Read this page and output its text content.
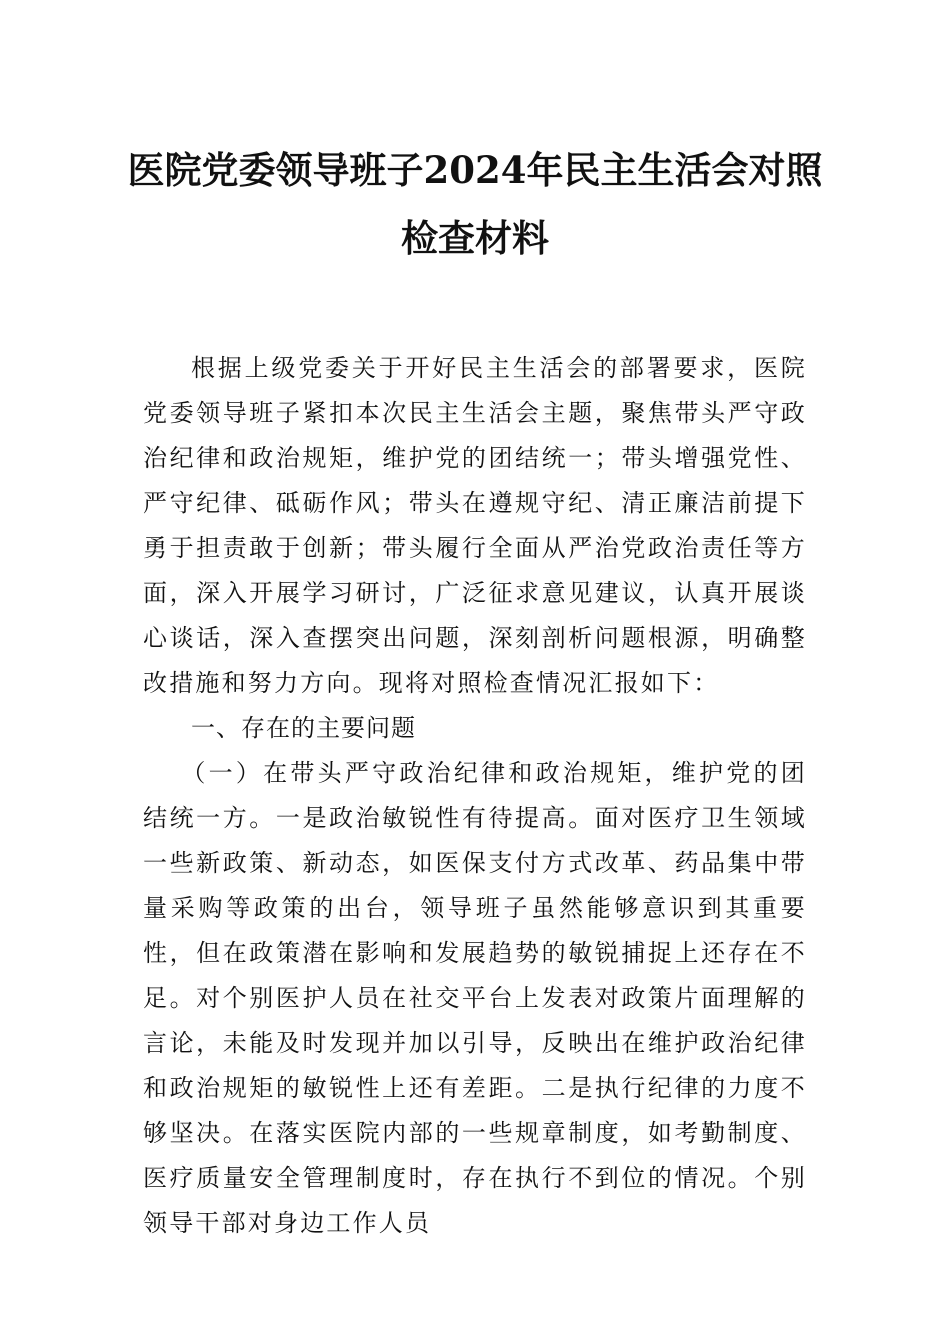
医院党委领导班子2024年民主生活会对照
检查材料

根据上级党委关于开好民主生活会的部署要求，医院党委领导班子紧扣本次民主生活会主题，聚焦带头严守政治纪律和政治规矩，维护党的团结统一；带头增强党性、严守纪律、砥砺作风；带头在遵规守纪、清正廉洁前提下勇于担责敢于创新；带头履行全面从严治党政治责任等方面，深入开展学习研讨，广泛征求意见建议，认真开展谈心谈话，深入查摆突出问题，深刻剖析问题根源，明确整改措施和努力方向。现将对照检查情况汇报如下：

一、存在的主要问题

（一）在带头严守政治纪律和政治规矩，维护党的团结统一方。一是政治敏锐性有待提高。面对医疗卫生领域一些新政策、新动态，如医保支付方式改革、药品集中带量采购等政策的出台，领导班子虽然能够意识到其重要性，但在政策潜在影响和发展趋势的敏锐捕捉上还存在不足。对个别医护人员在社交平台上发表对政策片面理解的言论，未能及时发现并加以引导，反映出在维护政治纪律和政治规矩的敏锐性上还有差距。二是执行纪律的力度不够坚决。在落实医院内部的一些规章制度，如考勤制度、医疗质量安全管理制度时，存在执行不到位的情况。个别领导干部对身边工作人员
